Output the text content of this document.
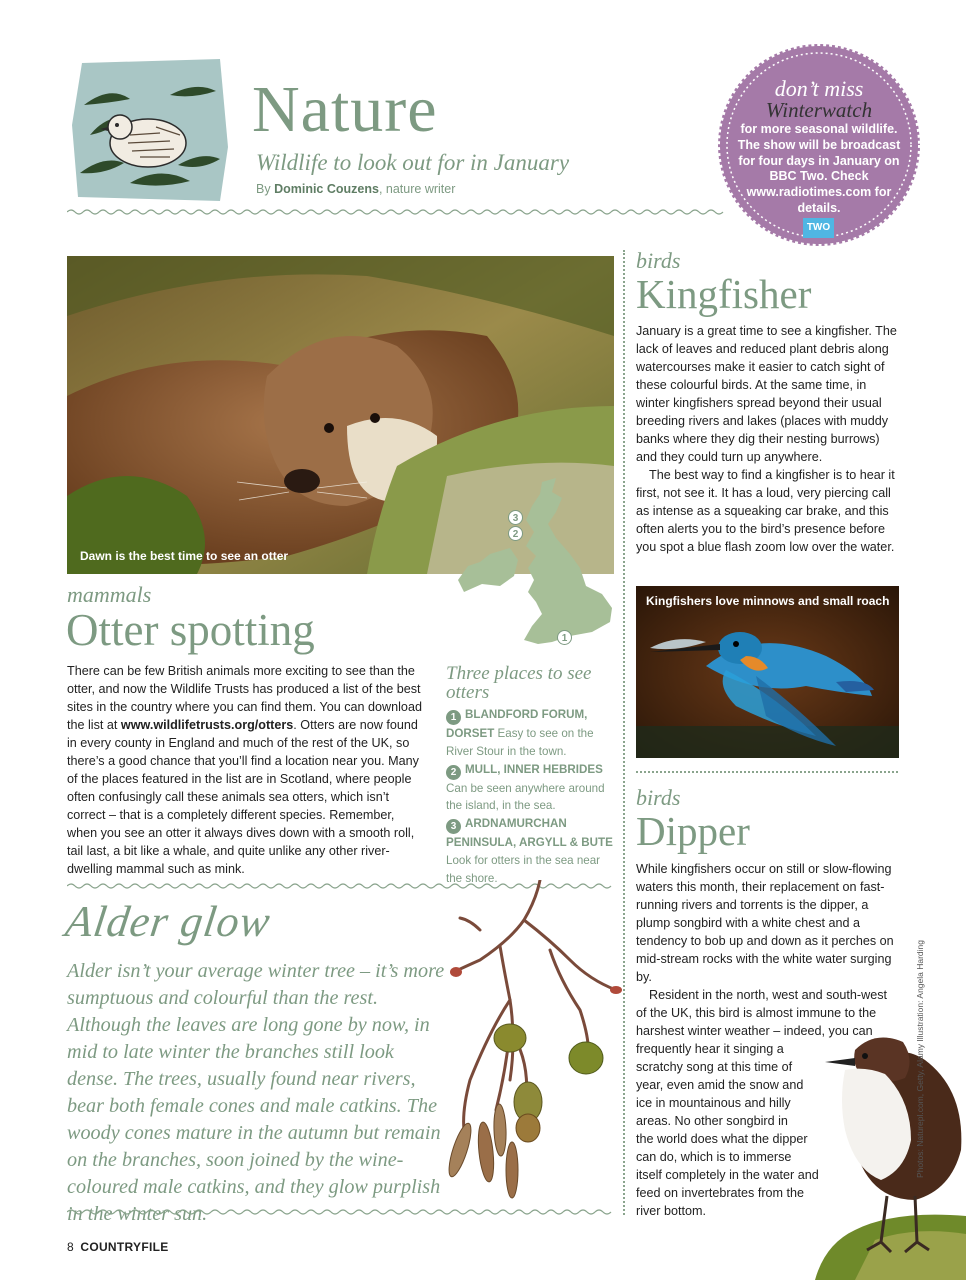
Nature
Wildlife to look out for in January
By Dominic Couzens, nature writer
don’t miss
Winterwatch
for more seasonal wildlife. The show will be broadcast for four days in January on BBC Two. Check www.radiotimes.com for details.
TWO
Dawn is the best time to see an otter
3
2
1
mammals
Otter spotting
There can be few British animals more exciting to see than the otter, and now the Wildlife Trusts has produced a list of the best sites in the country where you can find them. You can download the list at www.wildlifetrusts.org/otters. Otters are now found in every county in England and much of the rest of the UK, so there’s a good chance that you’ll find a location near you. Many of the places featured in the list are in Scotland, where people often confusingly call these animals sea otters, which isn’t correct – that is a completely different species. Remember, when you see an otter it always dives down with a smooth roll, tail last, a bit like a whale, and quite unlike any other river-dwelling mammal such as mink.
Three places to see otters
1 BLANDFORD FORUM, DORSET Easy to see on the River Stour in the town.
2 MULL, INNER HEBRIDES
Can be seen anywhere around the island, in the sea.
3 ARDNAMURCHAN PENINSULA, ARGYLL & BUTE
Look for otters in the sea near the shore.
Alder glow
Alder isn’t your average winter tree – it’s more sumptuous and colourful than the rest. Although the leaves are long gone by now, in mid to late winter the branches still look dense. The trees, usually found near rivers, bear both female cones and male catkins. The woody cones mature in the autumn but remain on the branches, soon joined by the wine-coloured male catkins, and they glow purplish in the winter sun.
birds
Kingfisher

January is a great time to see a kingfisher. The lack of leaves and reduced plant debris along watercourses make it easier to catch sight of these colourful birds. At the same time, in winter kingfishers spread beyond their usual breeding rivers and lakes (places with muddy banks where they dig their nesting burrows) and they could turn up anywhere.

The best way to find a kingfisher is to hear it first, not see it. It has a loud, very piercing call as intense as a squeaking car brake, and this often alerts you to the bird’s presence before you spot a blue flash zoom low over the water.

Kingfishers love minnows and small roach
birds
Dipper

While kingfishers occur on still or slow-flowing waters this month, their replacement on fast-running rivers and torrents is the dipper, a plump songbird with a white chest and a tendency to bob up and down as it perches on mid-stream rocks with the white water surging by.

Resident in the north, west and south-west
of the UK, this bird is almost immune to the
harshest winter weather – indeed, you can
frequently hear it singing a
scratchy song at this time of
year, even amid the snow and
ice in mountainous and hilly
areas. No other songbird in
the world does what the dipper
can do, which is to immerse
itself completely in the water and
feed on invertebrates from the
river bottom.
Photos: Naturepl.com, Getty, Alamy Illustration: Angela Harding
8 COUNTRYFILE
